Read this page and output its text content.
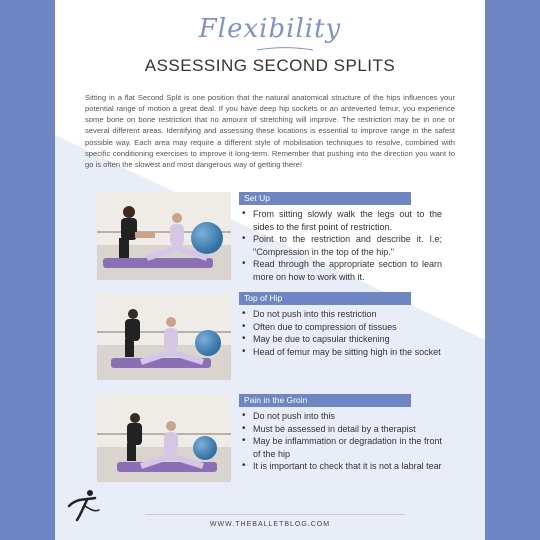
Flexibility
ASSESSING SECOND SPLITS

Sitting in a flat Second Split is one position that the natural anatomical structure of the hips influences your potential range of motion a great deal. If you have deep hip sockets or an anteverted femur, you experience some bone on bone restriction that no amount of stretching will improve. The restriction may be in one or several different areas. Identifying and assessing these locations is essential to improve range in the safest possible way. Each area may require a different style of mobilisation techniques to resolve, combined with specific conditioning exercises to improve it long-term. Remember that pushing into the direction you want to go is often the slowest and most dangerous way of getting there!

Set Up
• From sitting slowly walk the legs out to the sides to the first point of restriction.
• Point to the restriction and describe it. I.e; "Compression in the top of the hip."
• Read through the appropriate section to learn more on how to work with it.
Top of Hip
• Do not push into this restriction
• Often due to compression of tissues
• May be due to capsular thickening
• Head of femur may be sitting high in the socket
Pain in the Groin
• Do not push into this
• Must be assessed in detail by a therapist
• May be inflammation or degradation in the front of the hip
• It is important to check that it is not a labral tear
WWW.THEBALLETBLOG.COM
